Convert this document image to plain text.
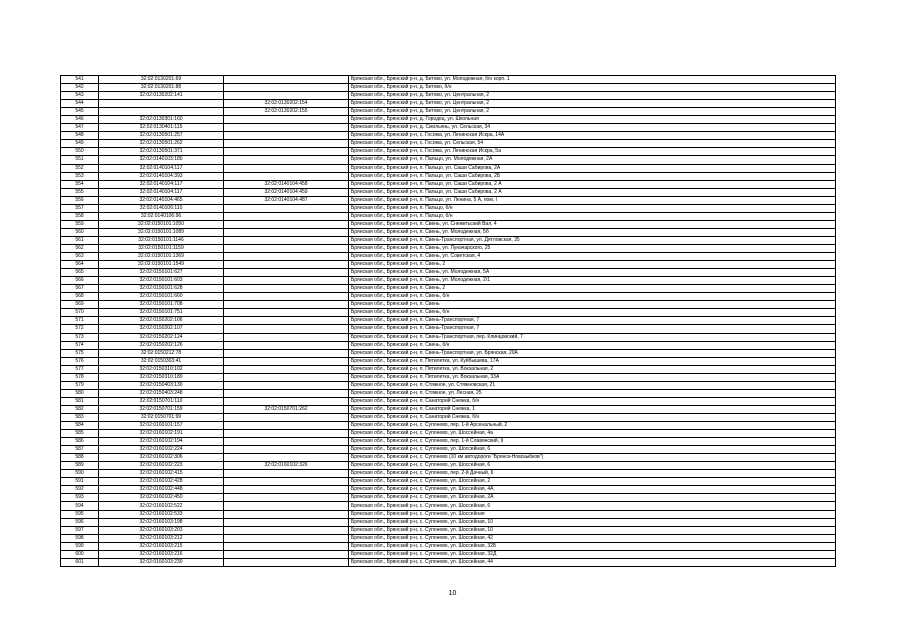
541	32:02:0130201:69		Брянская обл., Брянский р-н, д. Бетово, ул. Молодежная, б/н корп. 1
542	32:02:0130201:88		Брянская обл., Брянский р-н, д. Бетово, б/н
543	32:02:0130202:141		Брянская обл., Брянский р-н, д. Бетово, ул. Центральная, 2
544		32:02:0130202:154	Брянская обл., Брянский р-н, д. Бетово, ул. Центральная, 2
545		32:02:0130202:155	Брянская обл., Брянский р-н, д. Бетово, ул. Центральная, 2
546	32:02:0130301:160		Брянская обл., Брянский р-н, д. Городец, ул. Школьная
547	32:02:0130401:115		Брянская обл., Брянский р-н, д. Смольянь, ул. Сельская, 34
548	32:02:0130501:257		Брянская обл., Брянский р-н, с. Госома, ул. Ленинская Искра, 14А
549	32:02:0130501:262		Брянская обл., Брянский р-н, с. Госома, ул. Сельская, 54
550	32:02:0130501:371		Брянская обл., Брянский р-н, с. Госома, ул. Ленинская Искра, 5а
551	32:02:0140103:180		Брянская обл., Брянский р-н, п. Пальцо, ул. Молодежная, 2А
552	32:02:0140104:117		Брянская обл., Брянский р-н, п. Пальцо, ул. Саши Сабирова, 2А
553	32:02:0140104:393		Брянская обл., Брянский р-н, п. Пальцо, ул. Саши Сабирова, 2Б
554	32:02:0140104:117	32:02:0140104:458	Брянская обл., Брянский р-н, п. Пальцо, ул. Саши Сабирова, 2 А
555	32:02:0140104:117	32:02:0140104:459	Брянская обл., Брянский р-н, п. Пальцо, ул. Саши Сабирова, 2 А
556	32:02:0140104:465	32:02:0140104:487	Брянская обл., Брянский р-н, п. Пальцо, ул. Ленина, 5 А, пом. I
557	32:02:0140106:110		Брянская обл., Брянский р-н, п. Пальцо, б/н
558	32:02:0140106:96		Брянская обл., Брянский р-н, п. Пальцо, б/н
559	32:02:0150101:1050		Брянская обл., Брянский р-н, п. Свень, ул. Снежетьский Вал, 4
560	32:02:0150101:1089		Брянская обл., Брянский р-н, п. Свень, ул. Молодежная, 5б
561	32:02:0150101:1146		Брянская обл., Брянский р-н, п. Свень-Транспортная, ул. Дятловская, 35
562	32:02:0150101:1159		Брянская обл., Брянский р-н, п. Свень, ул. Луначарского, 25
563	32:02:0150101:1369		Брянская обл., Брянский р-н, п. Свень, ул. Советская, 4
564	32:02:0150101:1549		Брянская обл., Брянский р-н, п. Свень, 2
565	32:02:0150101:627		Брянская обл., Брянский р-н, п. Свень, ул. Молодежная, 5А
566	32:02:0150101:603		Брянская обл., Брянский р-н, п. Свень, ул. Молодежная, 2/1
567	32:02:0150101:628		Брянская обл., Брянский р-н, п. Свень, 2
568	32:02:0150101:660		Брянская обл., Брянский р-н, п. Свень, б/н
569	32:02:0150101:708		Брянская обл., Брянский р-н, п. Свень
570	32:02:0150101:751		Брянская обл., Брянский р-н, п. Свень, б/н
571	32:02:0150202:106		Брянская обл., Брянский р-н, п. Свень-Транспортная, 7
572	32:02:0150202:107		Брянская обл., Брянский р-н, п. Свень-Транспортная, 7
573	32:02:0150202:124		Брянская обл., Брянский р-н, п. Свень-Транспортная, пер. Клинцовский, 7
574	32:02:0150202:126		Брянская обл., Брянский р-н, п. Свень, б/н
575	32:02:0150212:78		Брянская обл., Брянский р-н, п. Свень-Транспортная, ул. Брянская, 20А
576	32:02:0150303:41		Брянская обл., Брянский р-н, п. Пятилетка, ул. Куйбышева, 17А
577	32:02:0150310:102		Брянская обл., Брянский р-н, п. Пятилетка, ул. Вокзальная, 2
578	32:02:0150310:180		Брянская обл., Брянский р-н, п. Пятилетка, ул. Вокзальная, 33А
579	32:02:0150403:130		Брянская обл., Брянский р-н, п. Стяжное, ул. Стяжновская, 21
580	32:02:0150403:248		Брянская обл., Брянский р-н, п. Стяжное, ул. Лесная, 25
581	32:02:0150701:110		Брянская обл., Брянский р-н, п. Санаторий Снежка, б/н
582	32:02:0150701:159	32:02:0150701:262	Брянская обл., Брянский р-н, п. Санаторий Снежка, 1
583	32:02:0150701:99		Брянская обл., Брянский р-н, п. Санаторий Снежка, б/н
584	32:02:0160101:157		Брянская обл., Брянский р-н, с. Супонево, пер. 1-й Арсенальный, 2
585	32:02:0160102:191		Брянская обл., Брянский р-н, с. Супонево, ул. Шоссейная, 4а
586	32:02:0160102:194		Брянская обл., Брянский р-н, с. Супонево, пер. 1-й Славянский, 9
587	32:02:0160102:224		Брянская обл., Брянский р-н, с. Супонево, ул. Шоссейная, 6
588	32:02:0160102:306		Брянская обл., Брянский р-н, с. Супонево (10 км автодороги "Брянск-Новозыбков")
589	32:02:0160102:223	32:02:0160102:326	Брянская обл., Брянский р-н, с. Супонево, ул. Шоссейная, 6
590	32:02:0160102:415		Брянская обл., Брянский р-н, с. Супонево, пер. 2-й Дачный, 6
591	32:02:0160102:428		Брянская обл., Брянский р-н, с. Супонево, ул. Шоссейная, 2
592	32:02:0160102:448		Брянская обл., Брянский р-н, с. Супонево, ул. Шоссейная, 4А
593	32:02:0160102:450		Брянская обл., Брянский р-н, с. Супонево, ул. Шоссейная, 2А
594	32:02:0160102:522		Брянская обл., Брянский р-н, с. Супонево, ул. Шоссейная, 6
595	32:02:0160102:533		Брянская обл., Брянский р-н, с. Супонево, ул. Шоссейная
596	32:02:0160103:198		Брянская обл., Брянский р-н, с. Супонево, ул. Шоссейная, 10
597	32:02:0160103:203		Брянская обл., Брянский р-н, с. Супонево, ул. Шоссейная, 10
598	32:02:0160103:212		Брянская обл., Брянский р-н, с. Супонево, ул. Шоссейная, 42
599	32:02:0160103:215		Брянская обл., Брянский р-н, с. Супонево, ул. Шоссейная, 32Б
600	32:02:0160103:216		Брянская обл., Брянский р-н, с. Супонево, ул. Шоссейная, 32Д
601	32:02:0160103:230		Брянская обл., Брянский р-н, с. Супонево, ул. Шоссейная, 44
10
